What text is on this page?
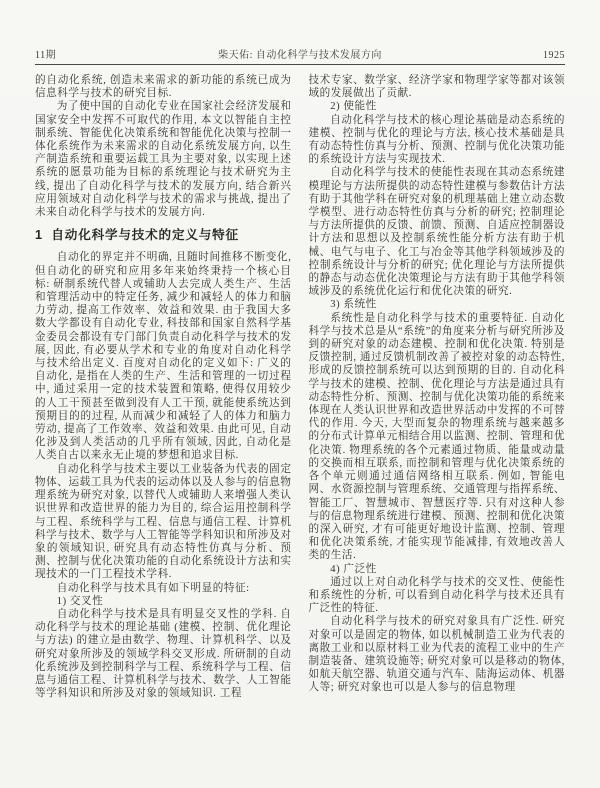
11期	柴天佑: 自动化科学与技术发展方向	1925

的自动化系统, 创造未来需求的新功能的系统已成为信息科学与技术的研究目标.

为了使中国的自动化专业在国家社会经济发展和国家安全中发挥不可取代的作用, 本文以智能自主控制系统、智能优化决策系统和智能优化决策与控制一体化系统作为未来需求的自动化系统发展方向, 以生产制造系统和重要运载工具为主要对象, 以实现上述系统的愿景功能为目标的系统理论与技术研究为主线, 提出了自动化科学与技术的发展方向, 结合新兴应用领域对自动化科学与技术的需求与挑战, 提出了未来自动化科学与技术的发展方向.

1  自动化科学与技术的定义与特征

自动化的界定并不明确, 且随时间推移不断变化, 但自动化的研究和应用多年来始终秉持一个核心目标: 研制系统代替人或辅助人去完成人类生产、生活和管理活动中的特定任务, 减少和减轻人的体力和脑力劳动, 提高工作效率、效益和效果. 由于我国大多数大学都设有自动化专业, 科技部和国家自然科学基金委员会都设有专门部门负责自动化科学与技术的发展, 因此, 有必要从学术和专业的角度对自动化科学与技术给出定义. 百度对自动化的定义如下: 广义的自动化, 是指在人类的生产、生活和管理的一切过程中, 通过采用一定的技术装置和策略, 使得仅用较少的人工干预甚至做到没有人工干预, 就能使系统达到预期目的的过程, 从而减少和减轻了人的体力和脑力劳动, 提高了工作效率、效益和效果. 由此可见, 自动化涉及到人类活动的几乎所有领域, 因此, 自动化是人类自古以来永无止境的梦想和追求目标.

自动化科学与技术主要以工业装备为代表的固定物体、运载工具为代表的运动体以及人参与的信息物理系统为研究对象, 以替代人或辅助人来增强人类认识世界和改造世界的能力为目的, 综合运用控制科学与工程、系统科学与工程、信息与通信工程、计算机科学与技术、数学与人工智能等学科知识和所涉及对象的领域知识, 研究具有动态特性仿真与分析、预测、控制与优化决策功能的自动化系统设计方法和实现技术的一门工程技术学科.

自动化科学与技术具有如下明显的特征:

1) 交叉性

自动化科学与技术是具有明显交叉性的学科. 自动化科学与技术的理论基础 (建模、控制、优化理论与方法) 的建立是由数学、物理、计算机科学、以及研究对象所涉及的领域学科交叉形成. 所研制的自动化系统涉及到控制科学与工程、系统科学与工程、信息与通信工程、计算机科学与技术、数学、人工智能等学科知识和所涉及对象的领域知识. 工程

技术专家、数学家、经济学家和物理学家等都对该领域的发展做出了贡献.

2) 使能性

自动化科学与技术的核心理论基础是动态系统的建模、控制与优化的理论与方法, 核心技术基础是具有动态特性仿真与分析、预测、控制与优化决策功能的系统设计方法与实现技术.

自动化科学与技术的使能性表现在其动态系统建模理论与方法所提供的动态特性建模与参数估计方法有助于其他学科在研究对象的机理基础上建立动态数学模型、进行动态特性仿真与分析的研究; 控制理论与方法所提供的反馈、前馈、预测、自适应控制器设计方法和思想以及控制系统性能分析方法有助于机械、电气与电子、化工与冶金等其他学科领域涉及的控制系统设计与分析的研究; 优化理论与方法所提供的静态与动态优化决策理论与方法有助于其他学科领域涉及的系统优化运行和优化决策的研究.

3) 系统性

系统性是自动化科学与技术的重要特征. 自动化科学与技术总是从“系统”的角度来分析与研究所涉及到的研究对象的动态建模、控制和优化决策. 特别是反馈控制, 通过反馈机制改善了被控对象的动态特性, 形成的反馈控制系统可以达到预期的目的. 自动化科学与技术的建模、控制、优化理论与方法是通过具有动态特性分析、预测、控制与优化决策功能的系统来体现在人类认识世界和改造世界活动中发挥的不可替代的作用. 今天, 大型而复杂的物理系统与越来越多的分布式计算单元相结合用以监测、控制、管理和优化决策. 物理系统的各个元素通过物质、能量或动量的交换而相互联系, 而控制和管理与优化决策系统的各个单元则通过通信网络相互联系. 例如, 智能电网、水资源控制与管理系统、交通管理与指挥系统、智能工厂、智慧城市、智慧医疗等. 只有对这种人参与的信息物理系统进行建模、预测、控制和优化决策的深入研究, 才有可能更好地设计监测、控制、管理和优化决策系统, 才能实现节能减排, 有效地改善人类的生活.

4) 广泛性

通过以上对自动化科学与技术的交叉性、使能性和系统性的分析, 可以看到自动化科学与技术还具有广泛性的特征.

自动化科学与技术的研究对象具有广泛性. 研究对象可以是固定的物体, 如以机械制造工业为代表的离散工业和以原材料工业为代表的流程工业中的生产制造装备、建筑设施等; 研究对象可以是移动的物体, 如航天航空器、轨道交通与汽车、陆海运动体、机器人等; 研究对象也可以是人参与的信息物理
